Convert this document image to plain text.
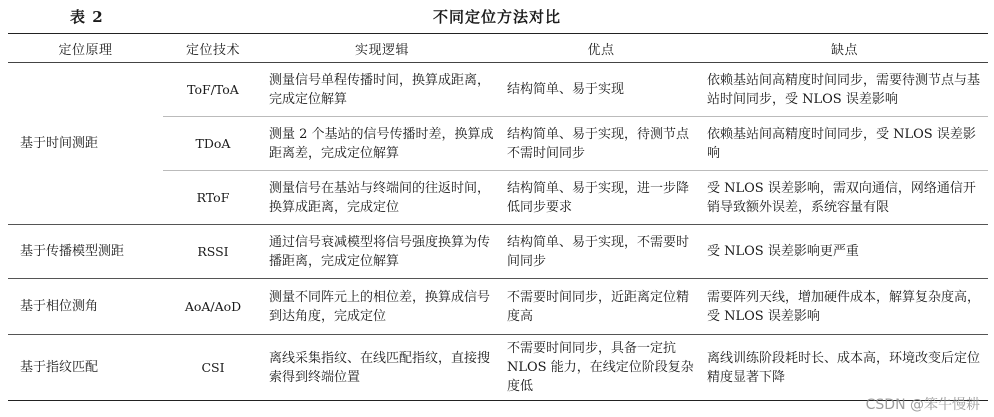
表 2	不同定位方法对比
定位原理	定位技术	实现逻辑	优点	缺点
基于时间测距	ToF/ToA	测量信号单程传播时间，换算成距离，完成定位解算	结构简单、易于实现	依赖基站间高精度时间同步，需要待测节点与基站时间同步，受 NLOS 误差影响
	TDoA	测量 2 个基站的信号传播时差，换算成距离差，完成定位解算	结构简单、易于实现，待测节点不需时间同步	依赖基站间高精度时间同步，受 NLOS 误差影响
	RToF	测量信号在基站与终端间的往返时间，换算成距离，完成定位	结构简单、易于实现，进一步降低同步要求	受 NLOS 误差影响，需双向通信，网络通信开销导致额外误差，系统容量有限
基于传播模型测距	RSSI	通过信号衰减模型将信号强度换算为传播距离，完成定位解算	结构简单、易于实现，不需要时间同步	受 NLOS 误差影响更严重
基于相位测角	AoA/AoD	测量不同阵元上的相位差，换算成信号到达角度，完成定位	不需要时间同步，近距离定位精度高	需要阵列天线，增加硬件成本，解算复杂度高，受 NLOS 误差影响
基于指纹匹配	CSI	离线采集指纹、在线匹配指纹，直接搜索得到终端位置	不需要时间同步，具备一定抗 NLOS 能力，在线定位阶段复杂度低	离线训练阶段耗时长、成本高，环境改变后定位精度显著下降
CSDN @笨牛慢耕
